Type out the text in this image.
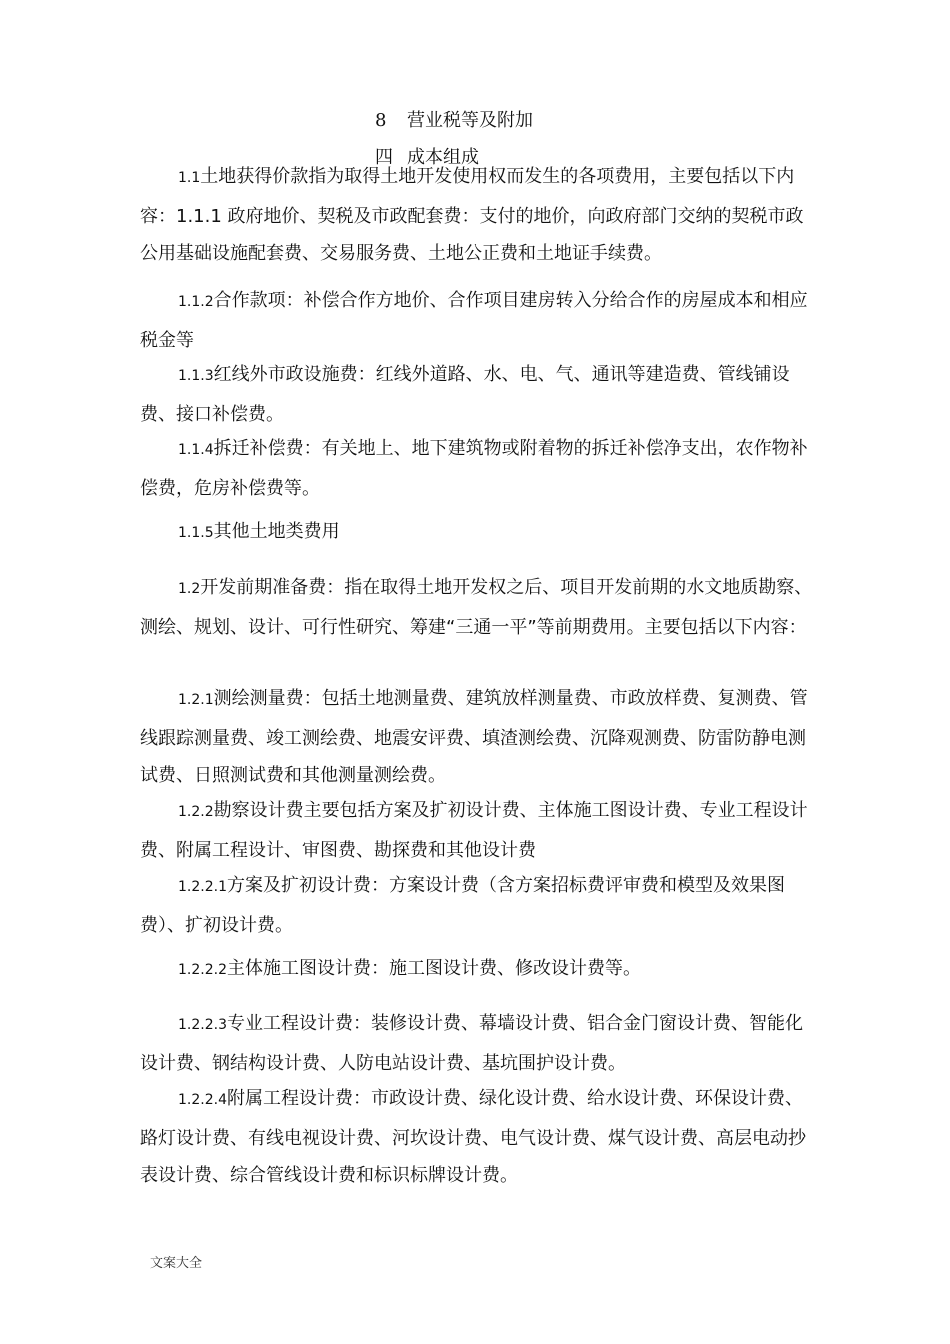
8 营业税等及附加
四 成本组成

1.1土地获得价款指为取得土地开发使用权而发生的各项费用，主要包括以下内容：1.1.1 政府地价、契税及市政配套费：支付的地价，向政府部门交纳的契税市政公用基础设施配套费、交易服务费、土地公正费和土地证手续费。

1.1.2合作款项：补偿合作方地价、合作项目建房转入分给合作的房屋成本和相应税金等

1.1.3红线外市政设施费：红线外道路、水、电、气、通讯等建造费、管线铺设费、接口补偿费。

1.1.4拆迁补偿费：有关地上、地下建筑物或附着物的拆迁补偿净支出，农作物补偿费，危房补偿费等。

1.1.5其他土地类费用

1.2开发前期准备费：指在取得土地开发权之后、项目开发前期的水文地质勘察、测绘、规划、设计、可行性研究、筹建“三通一平”等前期费用。主要包括以下内容：

1.2.1测绘测量费：包括土地测量费、建筑放样测量费、市政放样费、复测费、管线跟踪测量费、竣工测绘费、地震安评费、填渣测绘费、沉降观测费、防雷防静电测试费、日照测试费和其他测量测绘费。

1.2.2勘察设计费主要包括方案及扩初设计费、主体施工图设计费、专业工程设计费、附属工程设计、审图费、勘探费和其他设计费

1.2.2.1方案及扩初设计费：方案设计费（含方案招标费评审费和模型及效果图费）、扩初设计费。

1.2.2.2主体施工图设计费：施工图设计费、修改设计费等。

1.2.2.3专业工程设计费：装修设计费、幕墙设计费、铝合金门窗设计费、智能化设计费、钢结构设计费、人防电站设计费、基坑围护设计费。

1.2.2.4附属工程设计费：市政设计费、绿化设计费、给水设计费、环保设计费、路灯设计费、有线电视设计费、河坎设计费、电气设计费、煤气设计费、高层电动抄表设计费、综合管线设计费和标识标牌设计费。

文案大全
